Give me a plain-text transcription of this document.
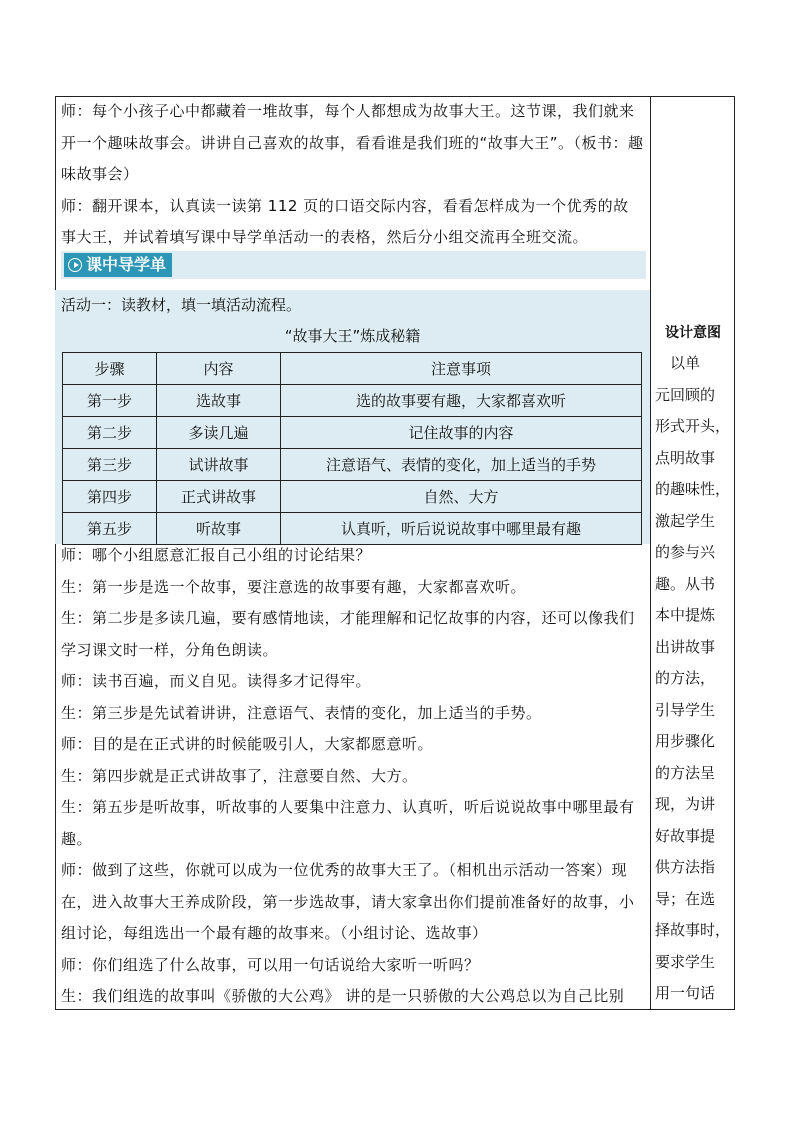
师：每个小孩子心中都藏着一堆故事，每个人都想成为故事大王。这节课，我们就来开一个趣味故事会。讲讲自己喜欢的故事，看看谁是我们班的“故事大王”。（板书：趣味故事会）

师：翻开课本，认真读一读第 112 页的口语交际内容，看看怎样成为一个优秀的故事大王，并试着填写课中导学单活动一的表格，然后分小组交流再全班交流。

课中导学单
活动一：读教材，填一填活动流程。
“故事大王”炼成秘籍
步骤	内容	注意事项
第一步	选故事	选的故事要有趣，大家都喜欢听
第二步	多读几遍	记住故事的内容
第三步	试讲故事	注意语气、表情的变化，加上适当的手势
第四步	正式讲故事	自然、大方
第五步	听故事	认真听，听后说说故事中哪里最有趣

师：哪个小组愿意汇报自己小组的讨论结果？

生：第一步是选一个故事，要注意选的故事要有趣，大家都喜欢听。

生：第二步是多读几遍，要有感情地读，才能理解和记忆故事的内容，还可以像我们学习课文时一样，分角色朗读。

师：读书百遍，而义自见。读得多才记得牢。

生：第三步是先试着讲讲，注意语气、表情的变化，加上适当的手势。

师：目的是在正式讲的时候能吸引人，大家都愿意听。

生：第四步就是正式讲故事了，注意要自然、大方。

生：第五步是听故事，听故事的人要集中注意力、认真听，听后说说故事中哪里最有趣。

师：做到了这些，你就可以成为一位优秀的故事大王了。（相机出示活动一答案）现在，进入故事大王养成阶段，第一步选故事，请大家拿出你们提前准备好的故事，小组讨论，每组选出一个最有趣的故事来。（小组讨论、选故事）

师：你们组选了什么故事，可以用一句话说给大家听一听吗？

生：我们组选的故事叫《骄傲的大公鸡》 讲的是一只骄傲的大公鸡总以为自己比别

设计意图

　以单

元回顾的

形式开头，

点明故事

的趣味性，

激起学生

的参与兴

趣。从书

本中提炼

出讲故事

的方法，

引导学生

用步骤化

的方法呈

现，为讲

好故事提

供方法指

导；在选

择故事时，

要求学生

用一句话
